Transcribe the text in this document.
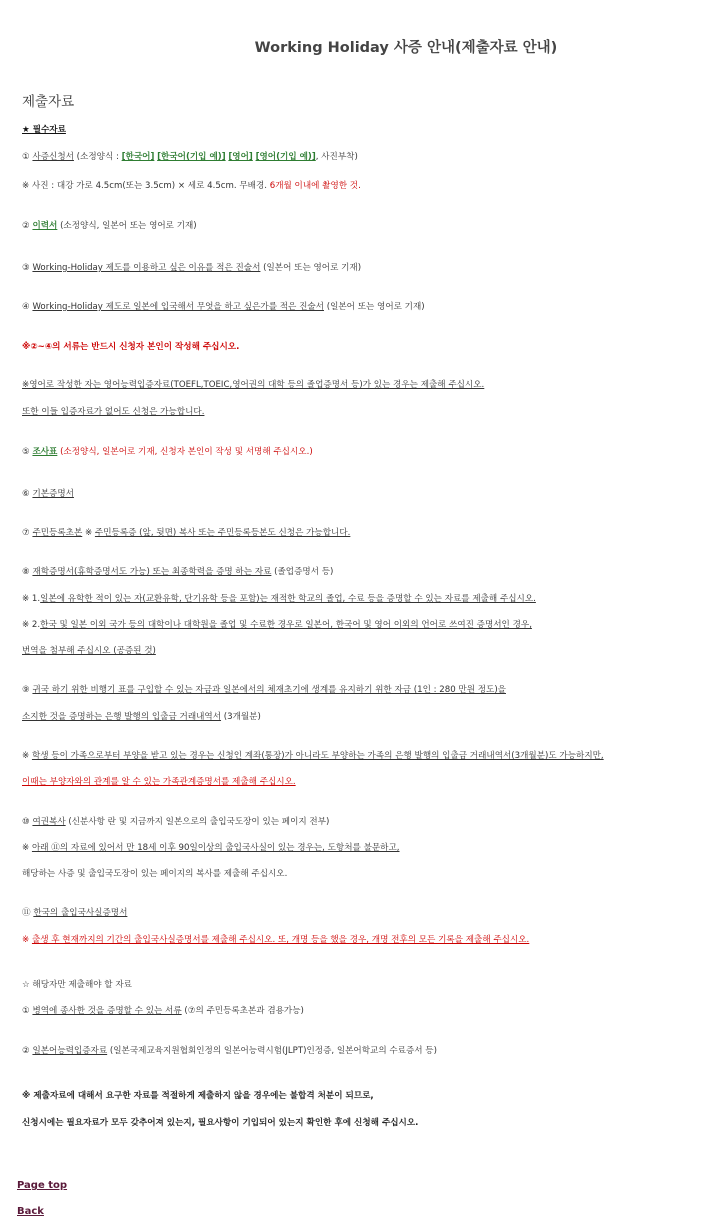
Working Holiday 사증 안내(제출자료 안내)
제출자료
★ 필수자료
① 사증신청서 (소정양식 : [한국어] [한국어(기입 예)] [영어] [영어(기입 예)], 사진부착)
※ 사진 : 대강 가로 4.5cm(또는 3.5cm) × 세로 4.5cm. 무배경. 6개월 이내에 촬영한 것.
② 이력서 (소정양식, 일본어 또는 영어로 기재)
③ Working-Holiday 제도를 이용하고 싶은 이유를 적은 진술서 (일본어 또는 영어로 기재)
④ Working-Holiday 제도로 일본에 입국해서 무엇을 하고 싶은가를 적은 진술서 (일본어 또는 영어로 기재)
※②~④의 서류는 반드시 신청자 본인이 작성해 주십시오.
※영어로 작성한 자는 영어능력입증자료(TOEFL,TOEIC,영어권의 대학 등의 졸업증명서 등)가 있는 경우는 제출해 주십시오.
또한 이들 입증자료가 없어도 신청은 가능합니다.
⑤ 조사표 (소정양식, 일본어로 기재, 신청자 본인이 작성 및 서명해 주십시오.)
⑥ 기본증명서
⑦ 주민등록초본 ※ 주민등록증 (앞, 뒷면) 복사 또는 주민등록등본도 신청은 가능합니다.
⑧ 재학증명서(휴학증명서도 가능) 또는 최종학력을 증명 하는 자료 (졸업증명서 등)
※ 1.일본에 유학한 적이 있는 자(교환유학, 단기유학 등을 포함)는 재적한 학교의 졸업, 수료 등을 증명할 수 있는 자료를 제출해 주십시오.
※ 2.한국 및 일본 이외 국가 등의 대학이나 대학원을 졸업 및 수료한 경우로 일본어, 한국어 및 영어 이외의 언어로 쓰여진 증명서인 경우,
번역을 첨부해 주십시오 (공증된 것)
⑨ 귀국 하기 위한 비행기 표를 구입할 수 있는 자금과 일본에서의 체재초기에 생계를 유지하기 위한 자금 (1인 : 280 만원 정도)을
소지한 것을 증명하는 은행 발행의 입출금 거래내역서 (3개월분)
※ 학생 등이 가족으로부터 부양을 받고 있는 경우는 신청인 계좌(통장)가 아니라도 부양하는 가족의 은행 발행의 입출금 거래내역서(3개월분)도 가능하지만,
이때는 부양자와의 관계를 알 수 있는 가족관계증명서를 제출해 주십시오.
⑩ 여권복사 (신분사항 란 및 지금까지 일본으로의 출입국도장이 있는 페이지 전부)
※ 아래 ⑪의 자료에 있어서 만 18세 이후 90일이상의 출입국사실이 있는 경우는, 도항처를 불문하고,
해당하는 사증 및 출입국도장이 있는 페이지의 복사를 제출해 주십시오.
⑪ 한국의 출입국사실증명서
※ 출생 후 현재까지의 기간의 출입국사실증명서를 제출해 주십시오. 또, 개명 등을 했을 경우, 개명 전후의 모든 기록을 제출해 주십시오.
☆ 해당자만 제출해야 할 자료
① 병역에 종사한 것을 증명할 수 있는 서류 (⑦의 주민등록초본과 겸용가능)
② 일본어능력입증자료 (일본국제교육지원협회인정의 일본어능력시험(JLPT)인정증, 일본어학교의 수료증서 등)
※ 제출자료에 대해서 요구한 자료를 적절하게 제출하지 않을 경우에는 불합격 처분이 되므로,
신청시에는 필요자료가 모두 갖추어져 있는지, 필요사항이 기입되어 있는지 확인한 후에 신청해 주십시오.
Page top
Back
